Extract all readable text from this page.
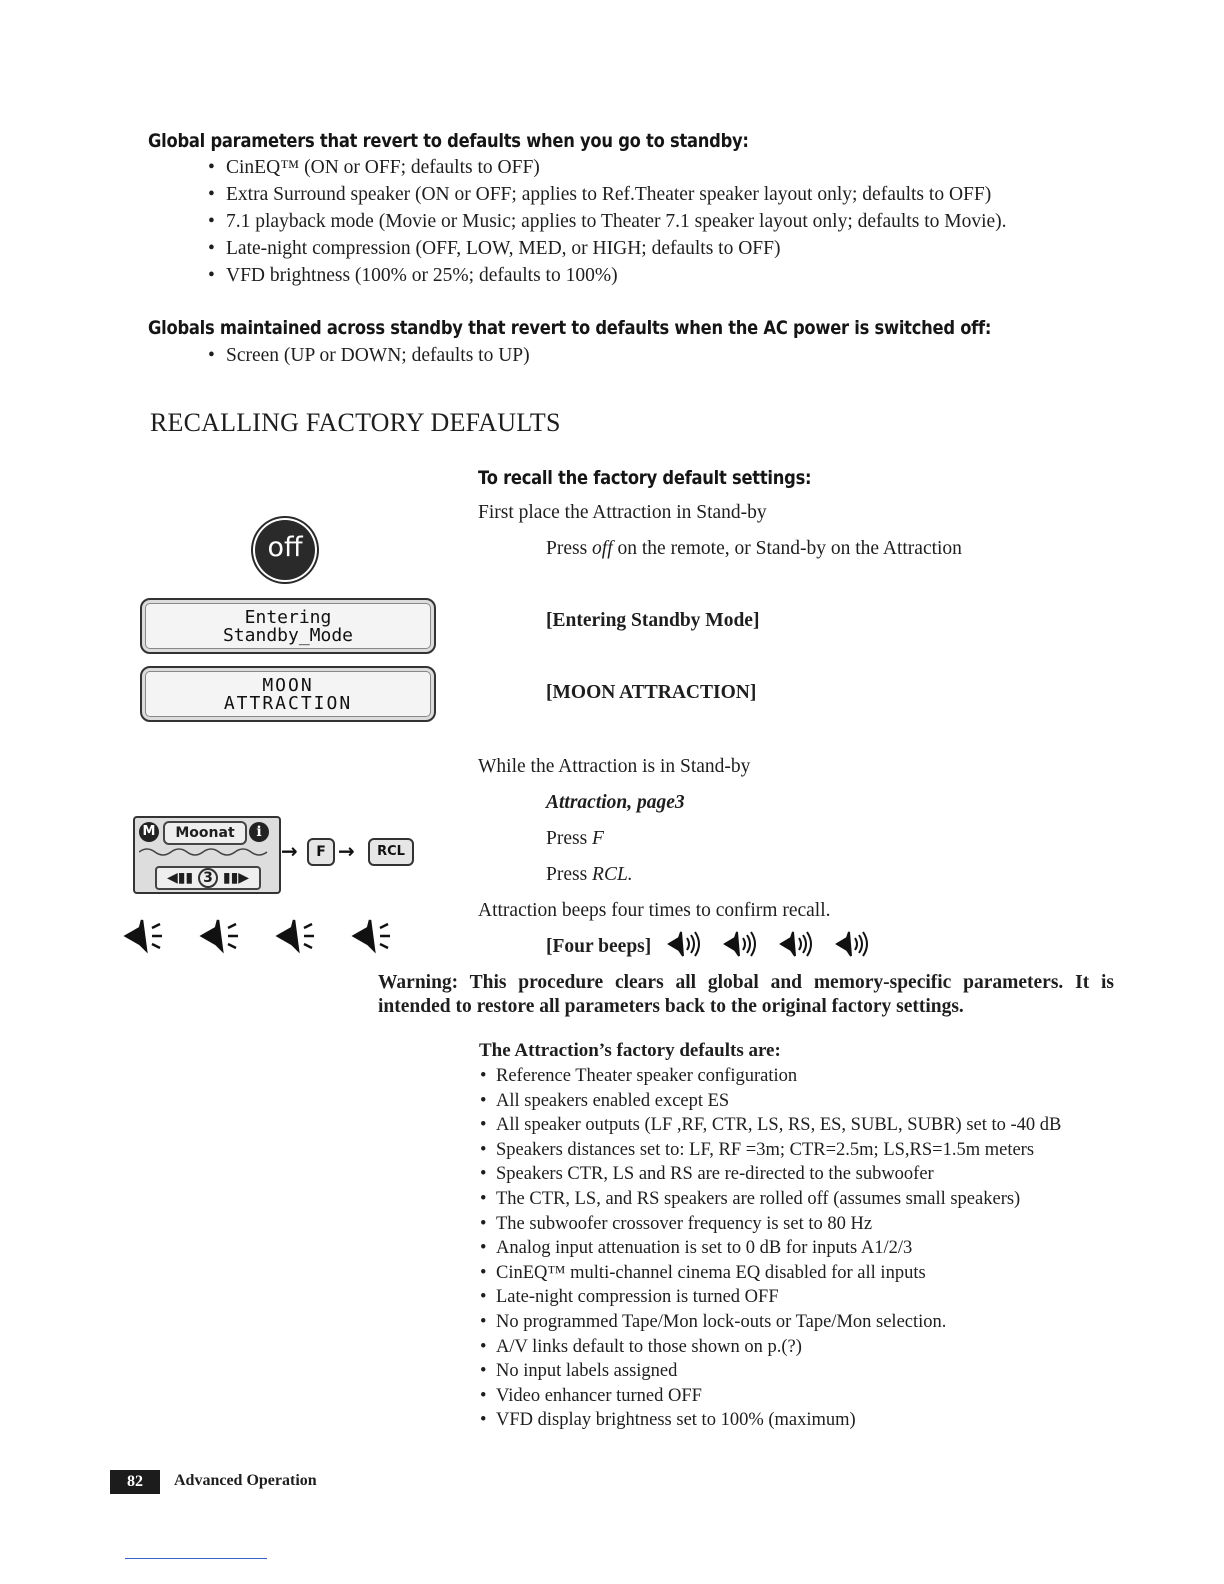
Global parameters that revert to defaults when you go to standby:
• CinEQ™ (ON or OFF; defaults to OFF)
• Extra Surround speaker (ON or OFF; applies to Ref.Theater speaker layout only; defaults to OFF)
• 7.1 playback mode (Movie or Music; applies to Theater 7.1 speaker layout only; defaults to Movie).
• Late-night compression (OFF, LOW, MED, or HIGH; defaults to OFF)
• VFD brightness (100% or 25%; defaults to 100%)
Globals maintained across standby that revert to defaults when the AC power is switched off:
• Screen (UP or DOWN; defaults to UP)
RECALLING FACTORY DEFAULTS
To recall the factory default settings:
First place the Attraction in Stand-by
Press off on the remote, or Stand-by on the Attraction
[Entering Standby Mode]
[MOON ATTRACTION]
While the Attraction is in Stand-by
Attraction, page3
Press F
Press RCL.
Attraction beeps four times to confirm recall.
[Four beeps]
off
Entering
Standby_Mode
MOON
ATTRACTION
M	Moonat	i
◀▮▮ 3 ▮▮▶
→	F →	RCL
Warning: This procedure clears all global and memory-specific parameters. It is intended to restore all parameters back to the original factory settings.
The Attraction’s factory defaults are:
• Reference Theater speaker configuration
• All speakers enabled except ES
• All speaker outputs (LF ,RF, CTR, LS, RS, ES, SUBL, SUBR) set to -40 dB
• Speakers distances set to: LF, RF =3m; CTR=2.5m; LS,RS=1.5m meters
• Speakers CTR, LS and RS are re-directed to the subwoofer
• The CTR, LS, and RS speakers are rolled off (assumes small speakers)
• The subwoofer crossover frequency is set to 80 Hz
• Analog input attenuation is set to 0 dB for inputs A1/2/3
• CinEQ™ multi-channel cinema EQ disabled for all inputs
• Late-night compression is turned OFF
• No programmed Tape/Mon lock-outs or Tape/Mon selection.
• A/V links default to those shown on p.(?)
• No input labels assigned
• Video enhancer turned OFF
• VFD display brightness set to 100% (maximum)
82	Advanced Operation
